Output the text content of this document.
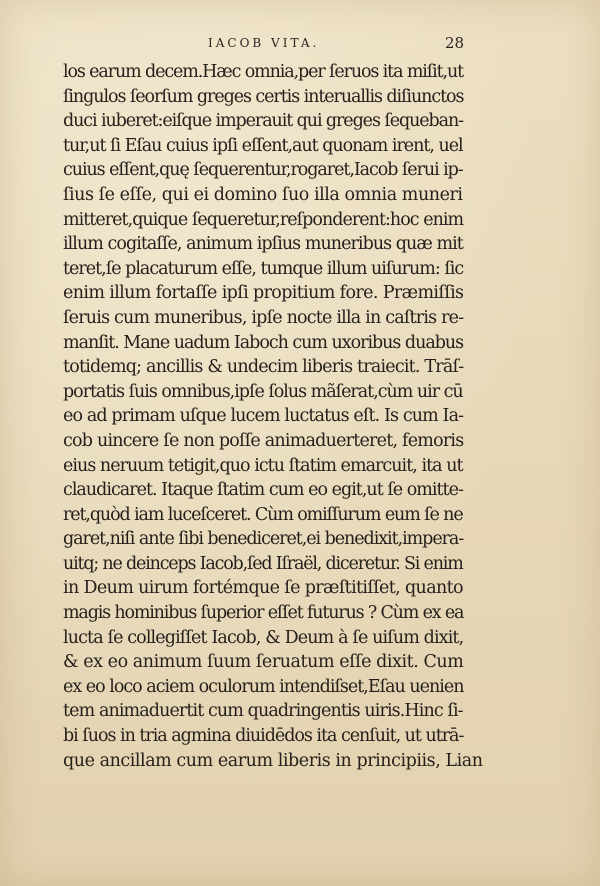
IACOB VITA.	28
los earum decem.Hæc omnia,per ſeruos ita miſit,ut
ſingulos ſeorſum greges certis interuallis diſiunctos
duci iuberet:eiſque imperauit qui greges ſequeban-
tur,ut ſi Eſau cuius ipſi eſſent,aut quonam irent, uel
cuius eſſent,quę ſequerentur,rogaret,Iacob ſerui ip-
ſius ſe eſſe, qui ei domino ſuo illa omnia muneri
mitteret,quique ſequeretur,reſponderent:hoc enim
illum cogitaſſe, animum ipſius muneribus quæ mit
teret,ſe placaturum eſſe, tumque illum uiſurum: ſic
enim illum fortaſſe ipſi propitium fore. Præmiſſis
ſeruis cum muneribus, ipſe nocte illa in caſtris re-
manſit. Mane uadum Iaboch cum uxoribus duabus
totidemq; ancillis & undecim liberis traiecit. Trāſ-
portatis ſuis omnibus,ipſe ſolus mãſerat,cùm uir cū
eo ad primam uſque lucem luctatus eſt. Is cum Ia-
cob uincere ſe non poſſe animaduerteret, femoris
eius neruum tetigit,quo ictu ſtatim emarcuit, ita ut
claudicaret. Itaque ſtatim cum eo egit,ut ſe omitte-
ret,quòd iam luceſceret. Cùm omiſſurum eum ſe ne
garet,niſi ante ſibi benediceret,ei benedixit,impera-
uitq; ne deinceps Iacob,ſed Iſraël, diceretur. Si enim
in Deum uirum fortémque ſe præſtitiſſet, quanto
magis hominibus ſuperior eſſet futurus ? Cùm ex ea
lucta ſe collegiſſet Iacob, & Deum à ſe uiſum dixit,
& ex eo animum ſuum ſeruatum eſſe dixit. Cum
ex eo loco aciem oculorum intendiſset,Eſau uenien
tem animaduertit cum quadringentis uiris.Hinc ſi-
bi ſuos in tria agmina diuidēdos ita cenſuit, ut utrā-
que ancillam cum earum liberis in principiis, Lian
